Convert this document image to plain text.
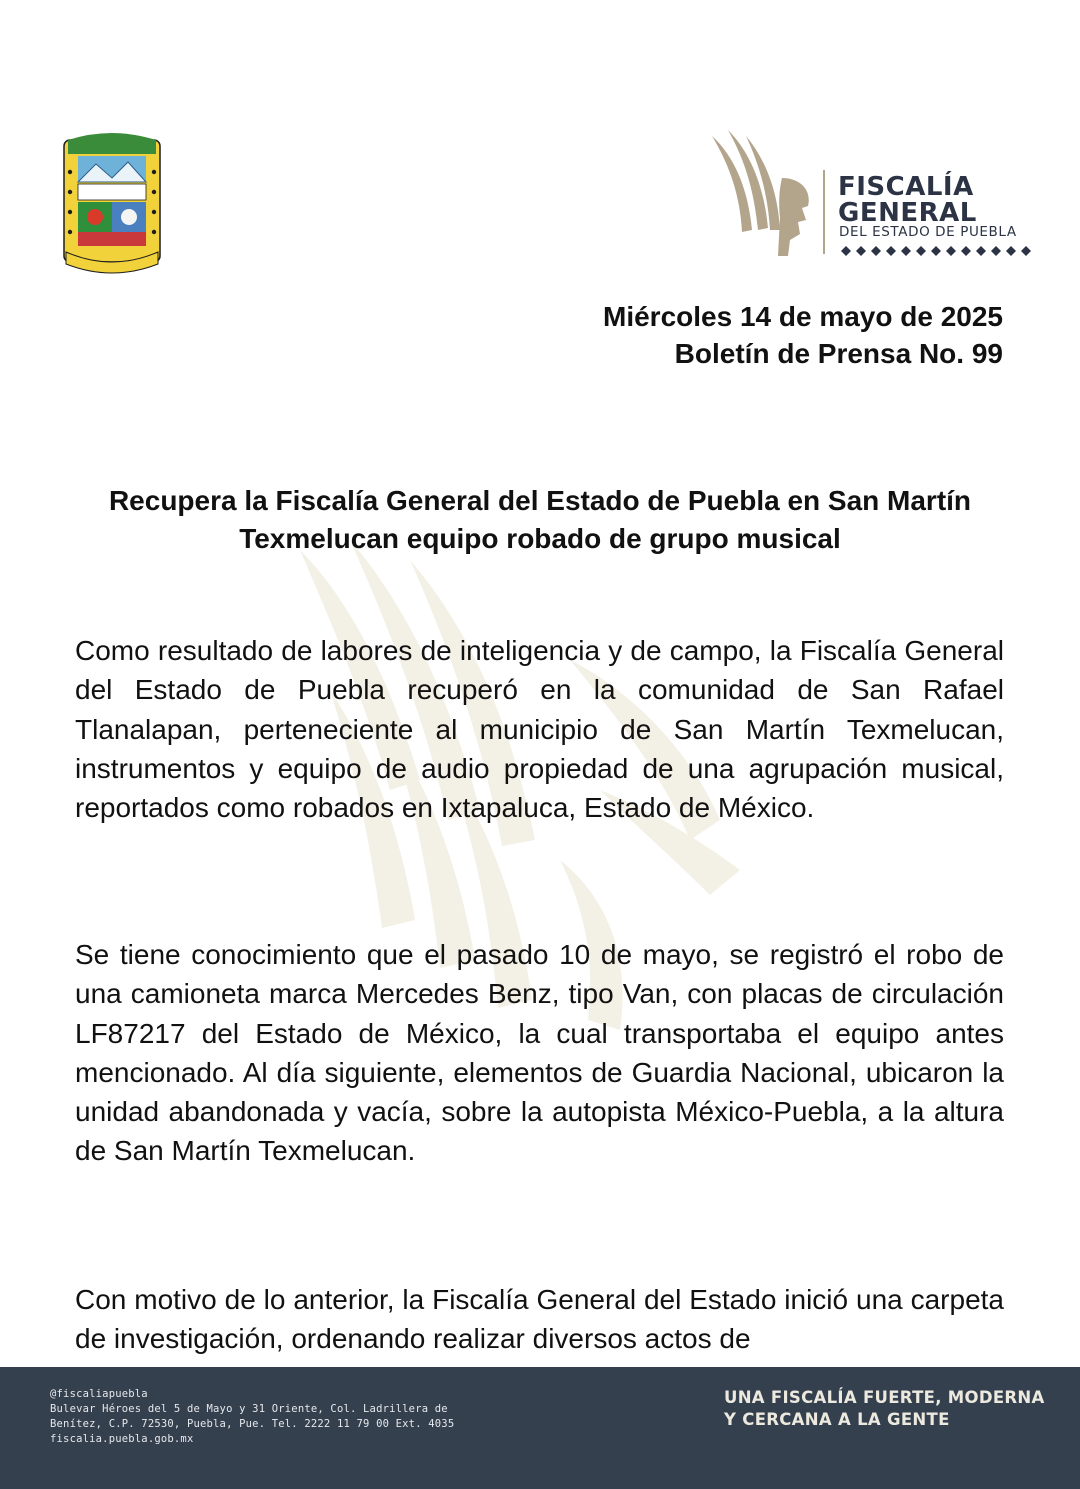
FISCALÍA
GENERAL
DEL ESTADO DE PUEBLA
Miércoles 14 de mayo de 2025
Boletín de Prensa No. 99
Recupera la Fiscalía General del Estado de Puebla en San Martín Texmelucan equipo robado de grupo musical
Como resultado de labores de inteligencia y de campo, la Fiscalía General del Estado de Puebla recuperó en la comunidad de San Rafael Tlanalapan, perteneciente al municipio de San Martín Texmelucan, instrumentos y equipo de audio propiedad de una agrupación musical, reportados como robados en Ixtapaluca, Estado de México.
Se tiene conocimiento que el pasado 10 de mayo, se registró el robo de una camioneta marca Mercedes Benz, tipo Van, con placas de circulación LF87217 del Estado de México, la cual transportaba el equipo antes mencionado. Al día siguiente, elementos de Guardia Nacional, ubicaron la unidad abandonada y vacía, sobre la autopista México-Puebla, a la altura de San Martín Texmelucan.
Con motivo de lo anterior, la Fiscalía General del Estado inició una carpeta de investigación, ordenando realizar diversos actos de
@fiscaliapuebla
Bulevar Héroes del 5 de Mayo y 31 Oriente, Col. Ladrillera de
Benítez, C.P. 72530, Puebla, Pue. Tel. 2222 11 79 00 Ext. 4035
fiscalia.puebla.gob.mx
UNA FISCALÍA FUERTE, MODERNA
Y CERCANA A LA GENTE
